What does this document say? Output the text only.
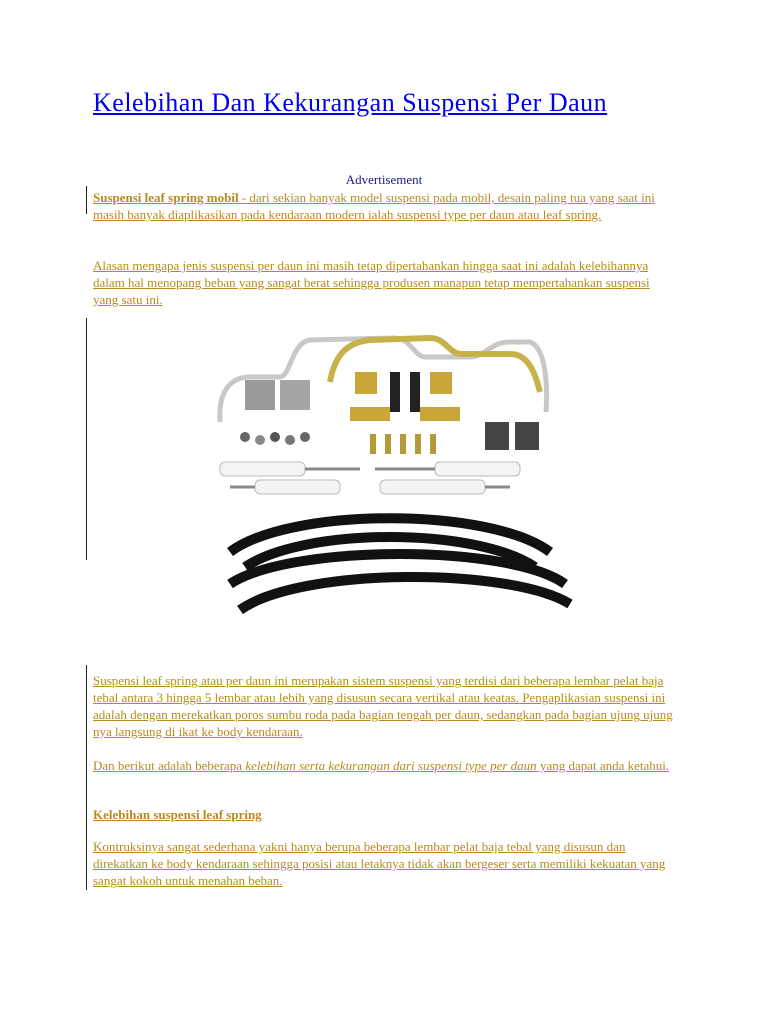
Kelebihan Dan Kekurangan Suspensi Per Daun
Advertisement

Suspensi leaf spring mobil - dari sekian banyak model suspensi pada mobil, desain paling tua yang saat ini masih banyak diaplikasikan pada kendaraan modern ialah suspensi type per daun atau leaf spring.

Alasan mengapa jenis suspensi per daun ini masih tetap dipertahankan hingga saat ini adalah kelebihannya dalam hal menopang beban yang sangat berat sehingga produsen manapun tetap mempertahankan suspensi yang satu ini.

Suspensi leaf spring atau per daun ini merupakan sistem suspensi yang terdisi dari beberapa lembar pelat baja tebal antara 3 hingga 5 lembar atau lebih yang disusun secara vertikal atau keatas. Pengaplikasian suspensi ini adalah dengan merekatkan poros sumbu roda pada bagian tengah per daun, sedangkan pada bagian ujung ujung nya langsung di ikat ke body kendaraan.

Dan berikut adalah beberapa kelebihan serta kekurangan dari suspensi type per daun yang dapat anda ketahui.

Kelebihan suspensi leaf spring

Kontruksinya sangat sederhana yakni hanya berupa beberapa lembar pelat baja tebal yang disusun dan direkatkan ke body kendaraan sehingga posisi atau letaknya tidak akan bergeser serta memiliki kekuatan yang sangat kokoh untuk menahan beban.
